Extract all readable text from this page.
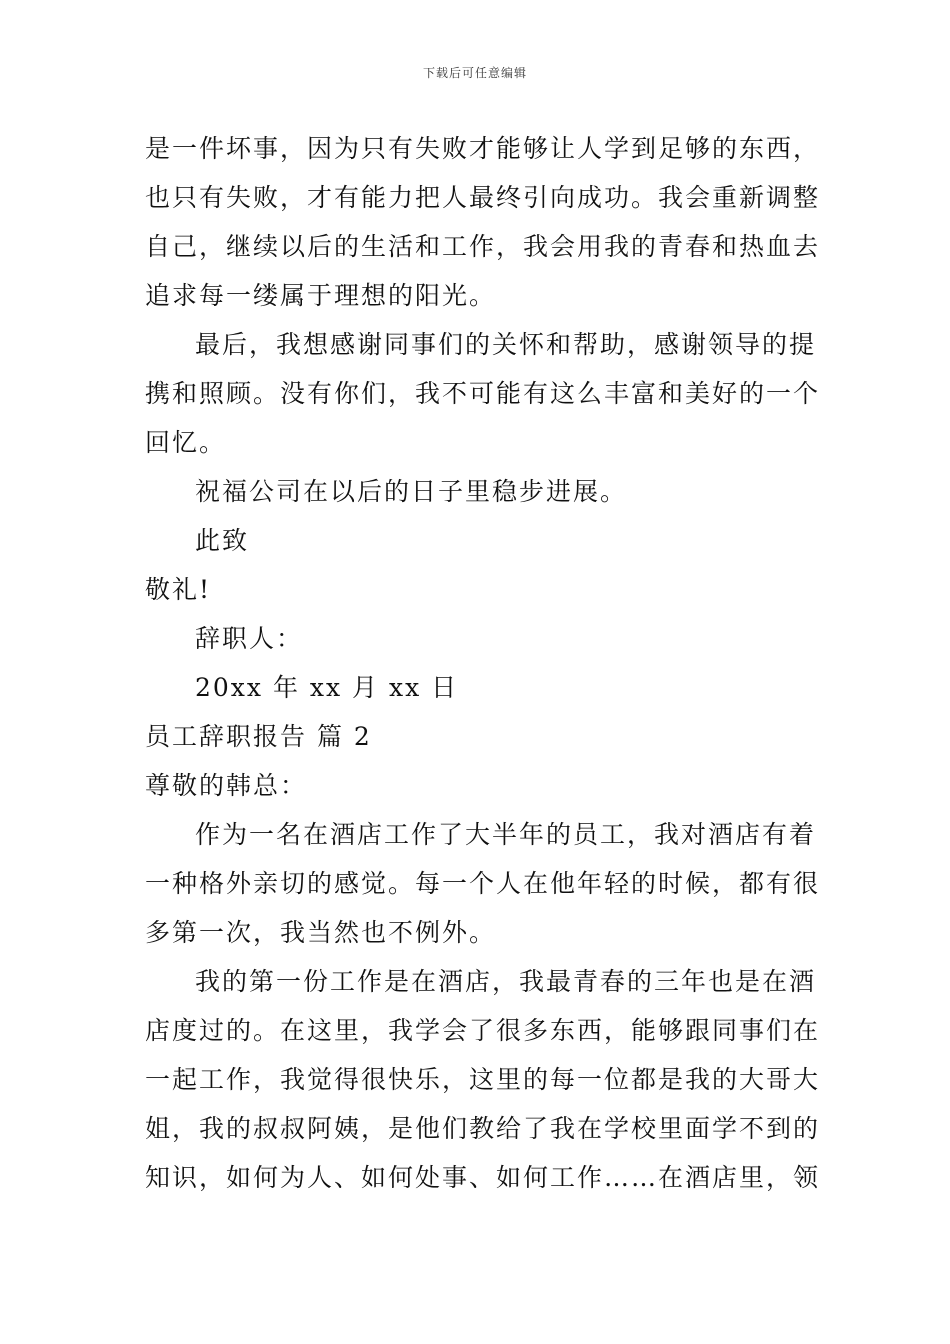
下载后可任意编辑
是一件坏事，因为只有失败才能够让人学到足够的东西，
也只有失败，才有能力把人最终引向成功。我会重新调整
自己，继续以后的生活和工作，我会用我的青春和热血去
追求每一缕属于理想的阳光。
最后，我想感谢同事们的关怀和帮助，感谢领导的提
携和照顾。没有你们，我不可能有这么丰富和美好的一个
回忆。
祝福公司在以后的日子里稳步进展。
此致
敬礼!
辞职人：
20xx 年 xx 月 xx 日
员工辞职报告 篇 2
尊敬的韩总：
作为一名在酒店工作了大半年的员工，我对酒店有着
一种格外亲切的感觉。每一个人在他年轻的时候，都有很
多第一次，我当然也不例外。
我的第一份工作是在酒店，我最青春的三年也是在酒
店度过的。在这里，我学会了很多东西，能够跟同事们在
一起工作，我觉得很快乐，这里的每一位都是我的大哥大
姐，我的叔叔阿姨，是他们教给了我在学校里面学不到的
知识，如何为人、如何处事、如何工作……在酒店里，领
